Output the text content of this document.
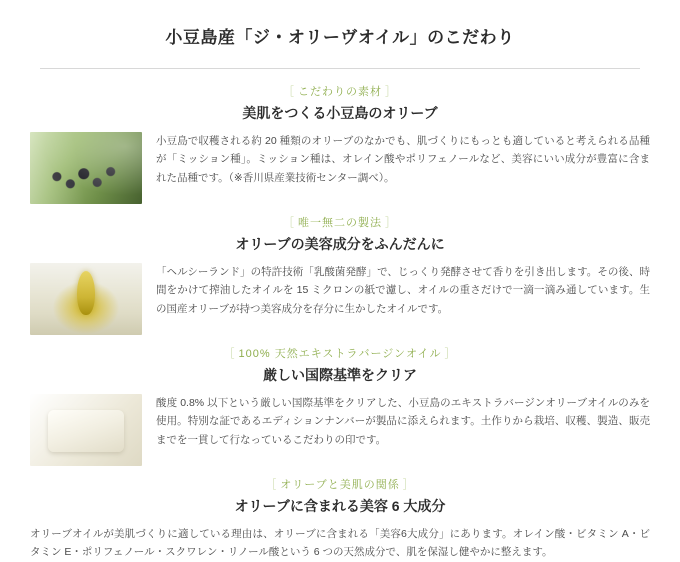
小豆島産「ジ・オリーヴオイル」のこだわり
［ こだわりの素材 ］
美肌をつくる小豆島のオリーブ
小豆島で収穫される約 20 種類のオリーブのなかでも、肌づくりにもっとも適していると考えられる品種が「ミッション種」。ミッション種は、オレイン酸やポリフェノールなど、美容にいい成分が豊富に含まれた品種です。（※香川県産業技術センター調べ）。
［ 唯一無二の製法 ］
オリーブの美容成分をふんだんに
「ヘルシーランド」の特許技術「乳酸菌発酵」で、じっくり発酵させて香りを引き出します。その後、時間をかけて搾油したオイルを 15 ミクロンの紙で濾し、オイルの重さだけで一滴一滴み通しています。生の国産オリーブが持つ美容成分を存分に生かしたオイルです。
［ 100% 天然エキストラバージンオイル ］
厳しい国際基準をクリア
酸度 0.8% 以下という厳しい国際基準をクリアした、小豆島のエキストラバージンオリーブオイルのみを使用。特別な証であるエディションナンバーが製品に添えられます。土作りから栽培、収穫、製造、販売までを一貫して行なっているこだわりの印です。
［ オリーブと美肌の関係 ］
オリーブに含まれる美容 6 大成分
オリーブオイルが美肌づくりに適している理由は、オリーブに含まれる「美容6大成分」にあります。オレイン酸・ビタミン A・ビタミン E・ポリフェノール・スクワレン・リノール酸という 6 つの天然成分で、肌を保湿し健やかに整えます。
